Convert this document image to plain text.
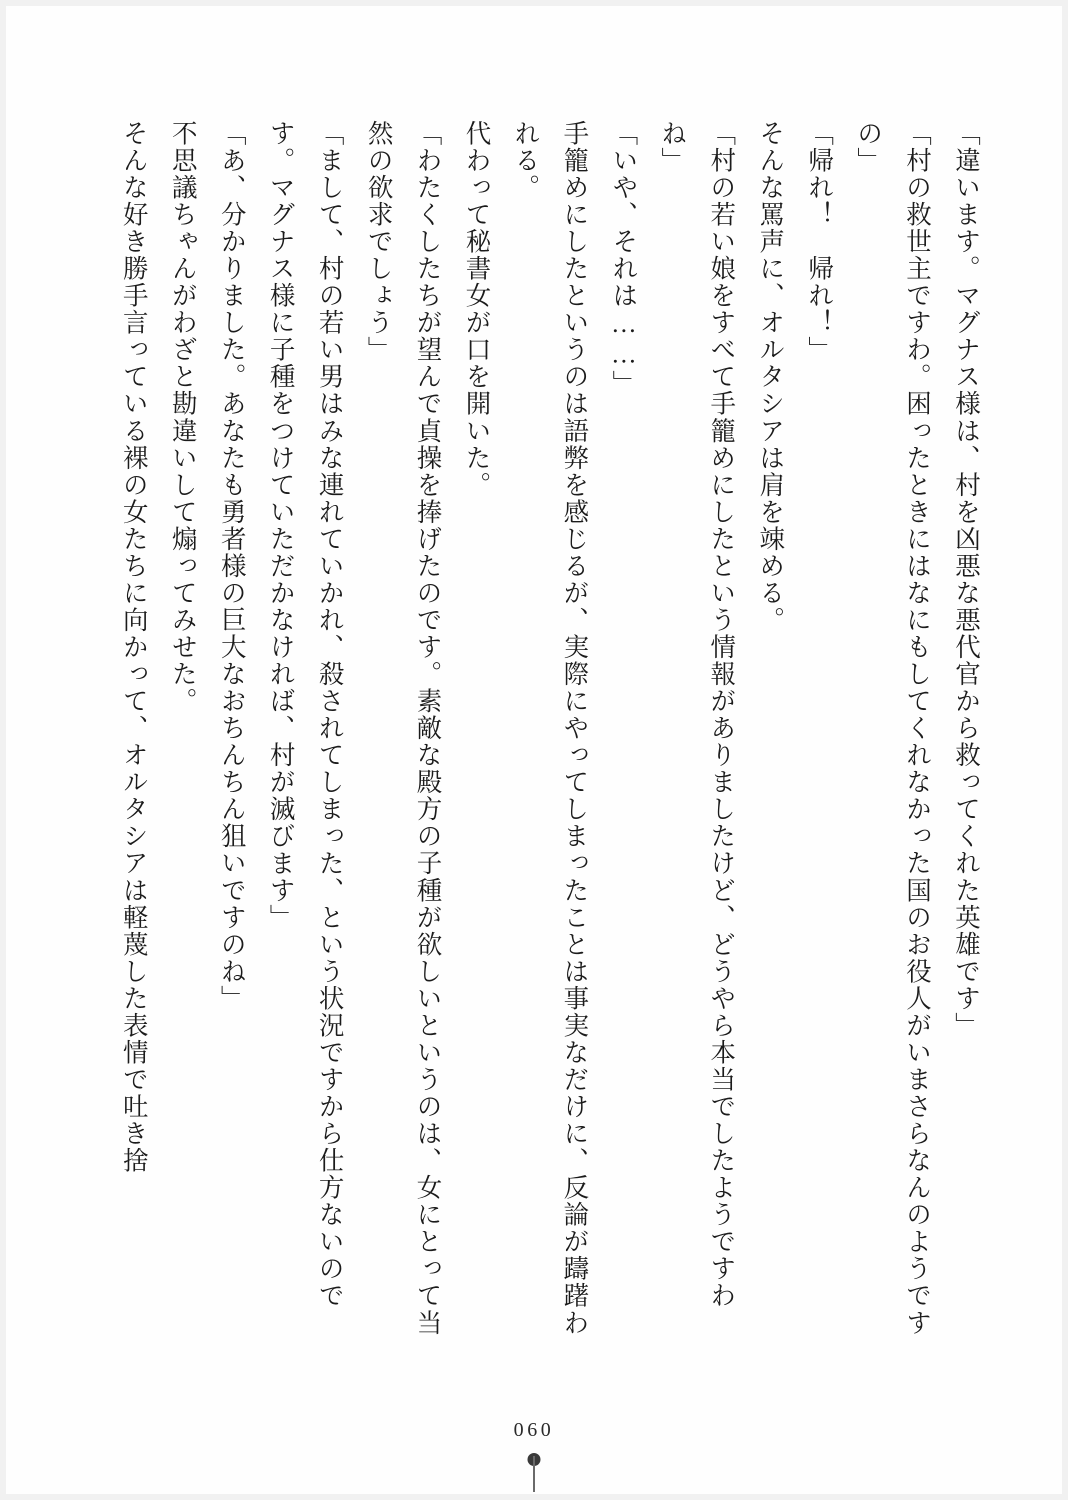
「違います。マグナス様は、村を凶悪な悪代官から救ってくれた英雄です」

「村の救世主ですわ。困ったときにはなにもしてくれなかった国のお役人がいまさらなんのようですの」

「帰れ！　帰れ！」

そんな罵声に、オルタシアは肩を竦める。

「村の若い娘をすべて手籠めにしたという情報がありましたけど、どうやら本当でしたようですわね」

「いや、それは……」

手籠めにしたというのは語弊を感じるが、実際にやってしまったことは事実なだけに、反論が躊躇われる。

代わって秘書女が口を開いた。

「わたくしたちが望んで貞操を捧げたのです。素敵な殿方の子種が欲しいというのは、女にとって当然の欲求でしょう」

「まして、村の若い男はみな連れていかれ、殺されてしまった、という状況ですから仕方ないのです。マグナス様に子種をつけていただかなければ、村が滅びます」

「あ、分かりました。あなたも勇者様の巨大なおちんちん狙いですのね」

不思議ちゃんがわざと勘違いして煽ってみせた。

そんな好き勝手言っている裸の女たちに向かって、オルタシアは軽蔑した表情で吐き捨

060
